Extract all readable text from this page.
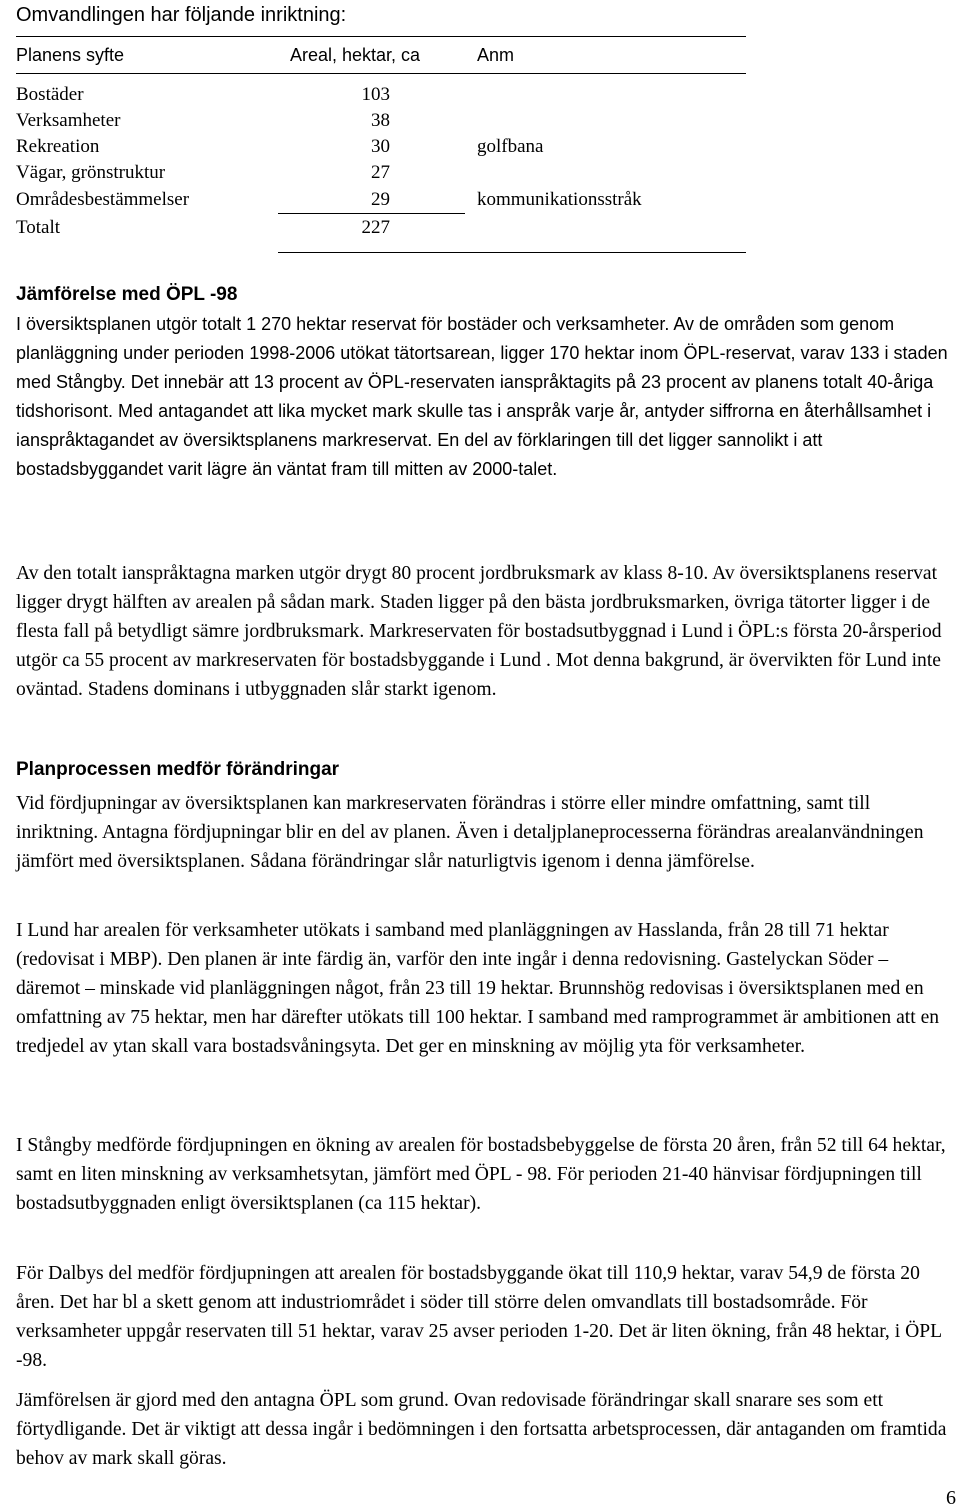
Omvandlingen har följande inriktning:

Planens syfte	Areal, hektar, ca	Anm
Bostäder	103
Verksamheter	38
Rekreation	30	golfbana
Vägar, grönstruktur	27
Områdesbestämmelser	29	kommunikationsstråk
Totalt	227
Jämförelse med ÖPL -98

I översiktsplanen utgör totalt 1 270 hektar reservat för bostäder och verksamheter. Av de områden som genom planläggning under perioden 1998-2006 utökat tätortsarean, ligger 170 hektar inom ÖPL-reservat, varav 133 i staden med Stångby. Det innebär att 13 procent av ÖPL-reservaten ianspråktagits på 23 procent av planens totalt 40-åriga tidshorisont. Med antagandet att lika mycket mark skulle tas i anspråk varje år, antyder siffrorna en återhållsamhet i ianspråktagandet av översiktsplanens markreservat. En del av förklaringen till det ligger sannolikt i att bostadsbyggandet varit lägre än väntat fram till mitten av 2000-talet.

Av den totalt ianspråktagna marken utgör drygt 80 procent jordbruksmark av klass 8-10. Av översiktsplanens reservat ligger drygt hälften av arealen på sådan mark. Staden ligger på den bästa jordbruksmarken, övriga tätorter ligger i de flesta fall på betydligt sämre jordbruksmark. Markreservaten för bostadsutbyggnad i Lund i ÖPL:s första 20-årsperiod utgör ca 55 procent av markreservaten för bostadsbyggande i Lund . Mot denna bakgrund, är övervikten för Lund inte oväntad. Stadens dominans i utbyggnaden slår starkt igenom.

Planprocessen medför förändringar

Vid fördjupningar av översiktsplanen kan markreservaten förändras i större eller mindre omfattning, samt till inriktning. Antagna fördjupningar blir en del av planen. Även i detaljplaneprocesserna förändras arealanvändningen jämfört med översiktsplanen. Sådana förändringar slår naturligtvis igenom i denna jämförelse.

I Lund har arealen för verksamheter utökats i samband med planläggningen av Hasslanda, från 28 till 71 hektar (redovisat i MBP). Den planen är inte färdig än, varför den inte ingår i denna redovisning. Gastelyckan Söder – däremot – minskade vid planläggningen något, från 23 till 19 hektar. Brunnshög redovisas i översiktsplanen med en omfattning av 75 hektar, men har därefter utökats till 100 hektar. I samband med ramprogrammet är ambitionen att en tredjedel av ytan skall vara bostadsvåningsyta. Det ger en minskning av möjlig yta för verksamheter.

I Stångby medförde fördjupningen en ökning av arealen för bostadsbebyggelse de första 20 åren, från 52 till 64 hektar, samt en liten minskning av verksamhetsytan, jämfört med ÖPL - 98. För perioden 21-40 hänvisar fördjupningen till bostadsutbyggnaden enligt översiktsplanen (ca 115 hektar).

För Dalbys del medför fördjupningen att arealen för bostadsbyggande ökat till 110,9 hektar, varav 54,9 de första 20 åren. Det har bl a skett genom att industriområdet i söder till större delen omvandlats till bostadsområde. För verksamheter uppgår reservaten till 51 hektar, varav 25 avser perioden 1-20. Det är liten ökning, från 48 hektar, i ÖPL -98.

Jämförelsen är gjord med den antagna ÖPL som grund. Ovan redovisade förändringar skall snarare ses som ett förtydligande. Det är viktigt att dessa ingår i bedömningen i den fortsatta arbetsprocessen, där antaganden om framtida behov av mark skall göras.

6
